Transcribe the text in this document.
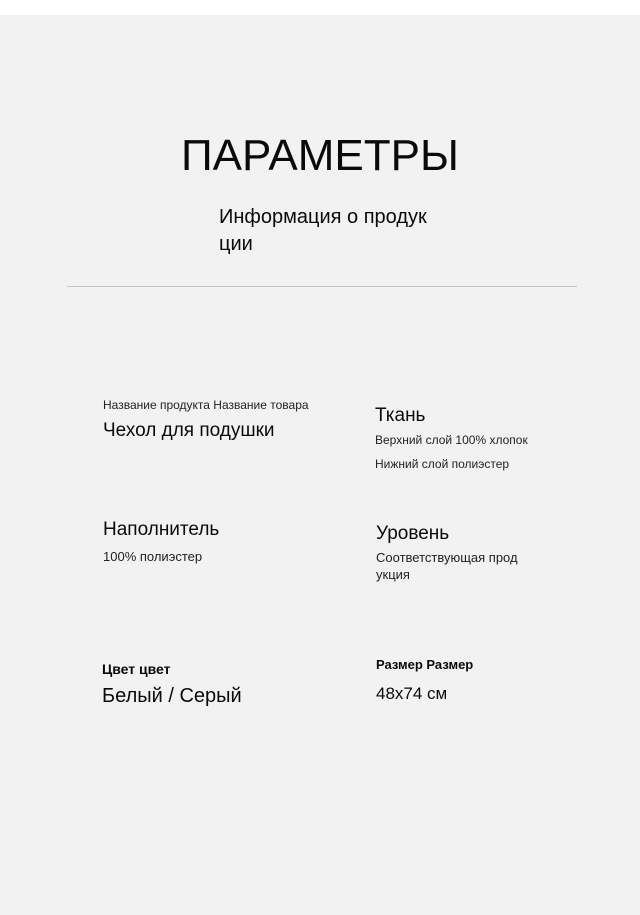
ПАРАМЕТРЫ

Информация о продукции

Название продукта Название товара

Чехол для подушки

Ткань

Верхний слой 100% хлопок

Нижний слой полиэстер

Наполнитель

100% полиэстер

Уровень

Соответствующая продукция

Цвет цвет

Белый / Серый

Размер Размер

48x74 см
